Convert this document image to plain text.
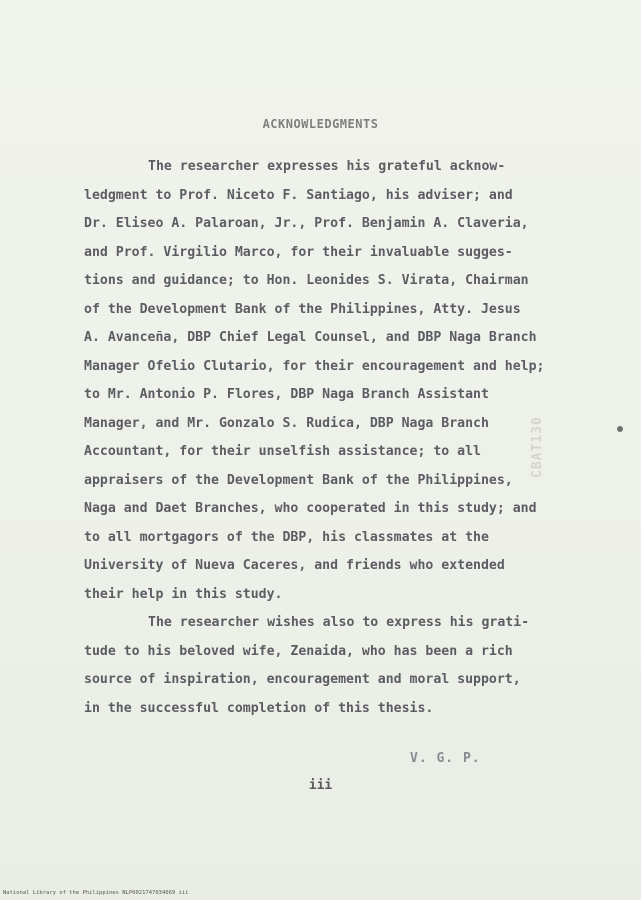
ACKNOWLEDGMENTS
The researcher expresses his grateful acknow-
ledgment to Prof. Niceto F. Santiago, his adviser; and
Dr. Eliseo A. Palaroan, Jr., Prof. Benjamin A. Claveria,
and Prof. Virgilio Marco, for their invaluable sugges-
tions and guidance; to Hon. Leonides S. Virata, Chairman
of the Development Bank of the Philippines, Atty. Jesus
A. Avanceña, DBP Chief Legal Counsel, and DBP Naga Branch
Manager Ofelio Clutario, for their encouragement and help;
to Mr. Antonio P. Flores, DBP Naga Branch Assistant
Manager, and Mr. Gonzalo S. Rudica, DBP Naga Branch
Accountant, for their unselfish assistance; to all
appraisers of the Development Bank of the Philippines,
Naga and Daet Branches, who cooperated in this study; and
to all mortgagors of the DBP, his classmates at the
University of Nueva Caceres, and friends who extended
their help in this study.
The researcher wishes also to express his grati-
tude to his beloved wife, Zenaida, who has been a rich
source of inspiration, encouragement and moral support,
in the successful completion of this thesis.
V. G. P.
iii
CBAT130
National Library of the Philippines NLP0021747034069 iii
